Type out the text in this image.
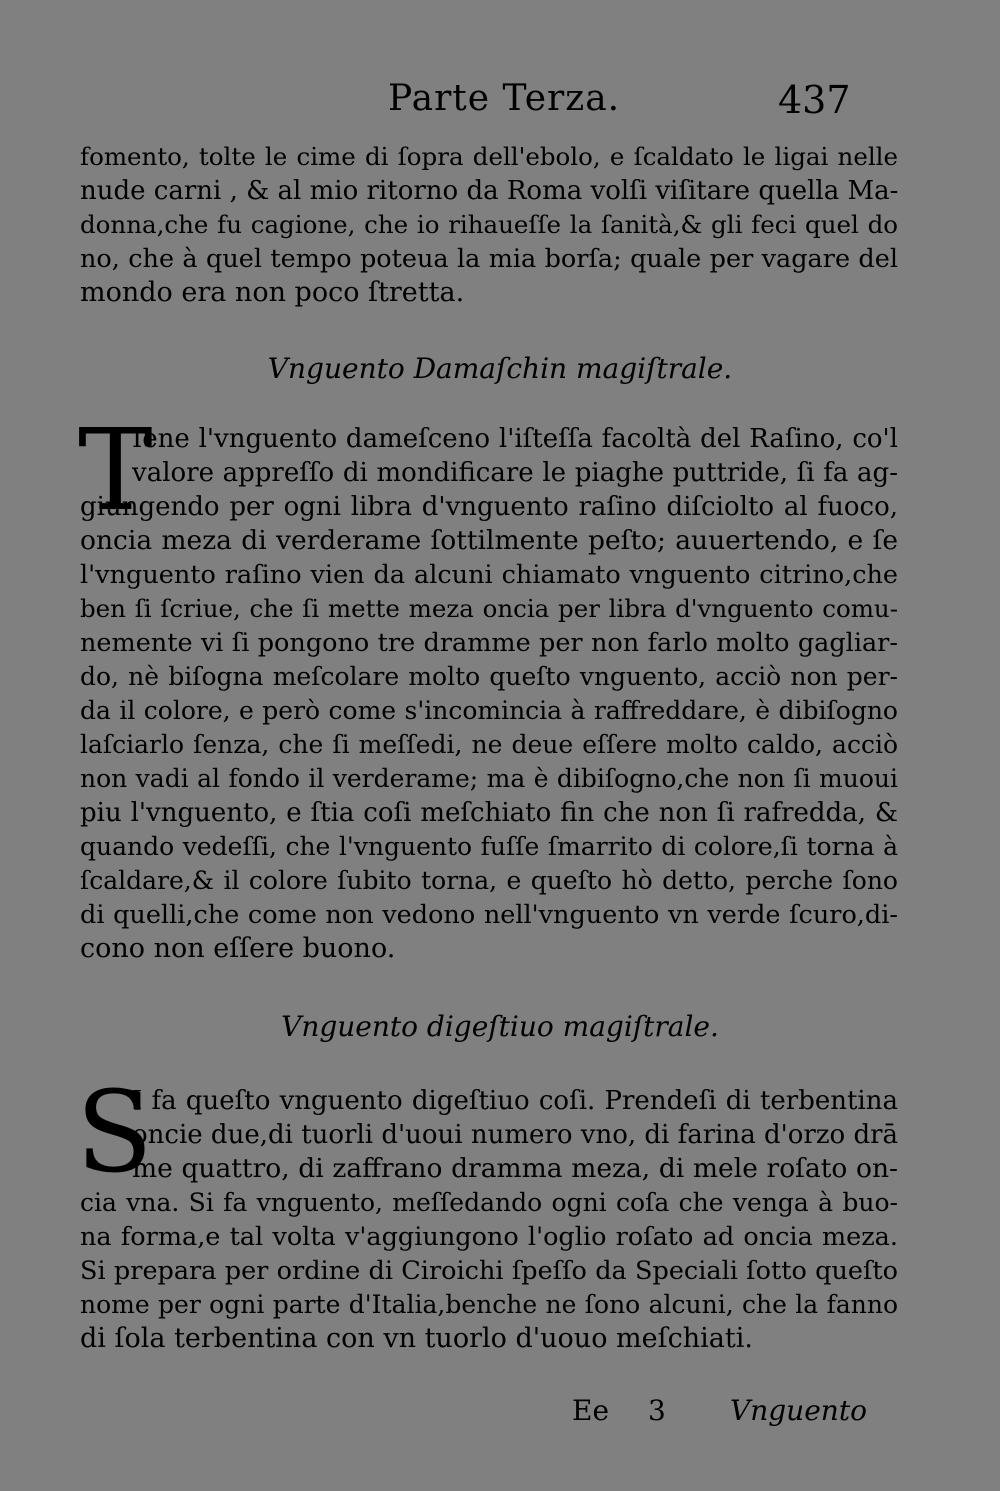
Parte Terza.	437
fomento, tolte le cime di ſopra dell'ebolo, e ſcaldato le ligai nelle
nude carni , & al mio ritorno da Roma volſi viſitare quella Ma-
donna,che fu cagione, che io rihaueſſe la ſanità,& gli feci quel do
no, che à quel tempo poteua la mia borſa; quale per vagare del
mondo era non poco ſtretta.
Vnguento Damaſchin magiſtrale.
T
Iene l'vnguento dameſceno l'iſteſſa facoltà del Raſino, co'l
valore appreſſo di mondificare le piaghe puttride, ſi fa ag-
giungendo per ogni libra d'vnguento raſino diſciolto al fuoco,
oncia meza di verderame ſottilmente peſto; auuertendo, e ſe
l'vnguento raſino vien da alcuni chiamato vnguento citrino,che
ben ſi ſcriue, che ſi mette meza oncia per libra d'vnguento comu-
nemente vi ſi pongono tre dramme per non farlo molto gagliar-
do, nè biſogna meſcolare molto queſto vnguento, acciò non per-
da il colore, e però come s'incomincia à raffreddare, è dibiſogno
laſciarlo ſenza, che ſi meſſedi, ne deue eſſere molto caldo, acciò
non vadi al fondo il verderame; ma è dibiſogno,che non ſi muoui
piu l'vnguento, e ſtia coſi meſchiato fin che non ſi rafredda, &
quando vedeſſi, che l'vnguento fuſſe ſmarrito di colore,ſi torna à
ſcaldare,& il colore ſubito torna, e queſto hò detto, perche ſono
di quelli,che come non vedono nell'vnguento vn verde ſcuro,di-
cono non eſſere buono.
Vnguento digeſtiuo magiſtrale.
S
I fa queſto vnguento digeſtiuo coſi. Prendeſi di terbentina
oncie due,di tuorli d'uoui numero vno, di farina d'orzo drā
me quattro, di zaffrano dramma meza, di mele roſato on-
cia vna. Si fa vnguento, meſſedando ogni coſa che venga à buo-
na forma,e tal volta v'aggiungono l'oglio roſato ad oncia meza.
Si prepara per ordine di Ciroichi ſpeſſo da Speciali ſotto queſto
nome per ogni parte d'Italia,benche ne ſono alcuni, che la fanno
di ſola terbentina con vn tuorlo d'uouo meſchiati.
Ee 3 Vnguento
